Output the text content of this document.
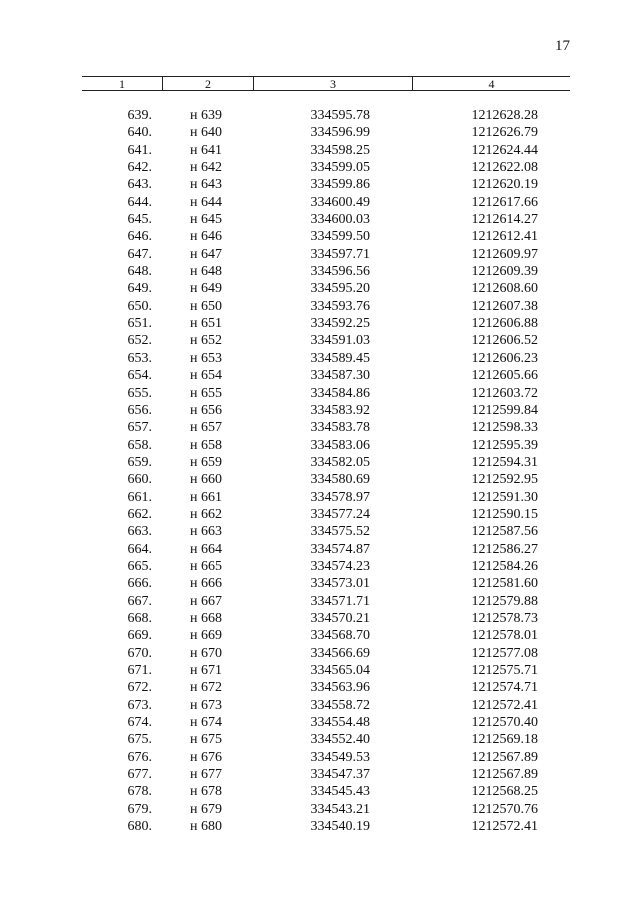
17
1	2	3	4
639.	н 639	334595.78	1212628.28
640.	н 640	334596.99	1212626.79
641.	н 641	334598.25	1212624.44
642.	н 642	334599.05	1212622.08
643.	н 643	334599.86	1212620.19
644.	н 644	334600.49	1212617.66
645.	н 645	334600.03	1212614.27
646.	н 646	334599.50	1212612.41
647.	н 647	334597.71	1212609.97
648.	н 648	334596.56	1212609.39
649.	н 649	334595.20	1212608.60
650.	н 650	334593.76	1212607.38
651.	н 651	334592.25	1212606.88
652.	н 652	334591.03	1212606.52
653.	н 653	334589.45	1212606.23
654.	н 654	334587.30	1212605.66
655.	н 655	334584.86	1212603.72
656.	н 656	334583.92	1212599.84
657.	н 657	334583.78	1212598.33
658.	н 658	334583.06	1212595.39
659.	н 659	334582.05	1212594.31
660.	н 660	334580.69	1212592.95
661.	н 661	334578.97	1212591.30
662.	н 662	334577.24	1212590.15
663.	н 663	334575.52	1212587.56
664.	н 664	334574.87	1212586.27
665.	н 665	334574.23	1212584.26
666.	н 666	334573.01	1212581.60
667.	н 667	334571.71	1212579.88
668.	н 668	334570.21	1212578.73
669.	н 669	334568.70	1212578.01
670.	н 670	334566.69	1212577.08
671.	н 671	334565.04	1212575.71
672.	н 672	334563.96	1212574.71
673.	н 673	334558.72	1212572.41
674.	н 674	334554.48	1212570.40
675.	н 675	334552.40	1212569.18
676.	н 676	334549.53	1212567.89
677.	н 677	334547.37	1212567.89
678.	н 678	334545.43	1212568.25
679.	н 679	334543.21	1212570.76
680.	н 680	334540.19	1212572.41
